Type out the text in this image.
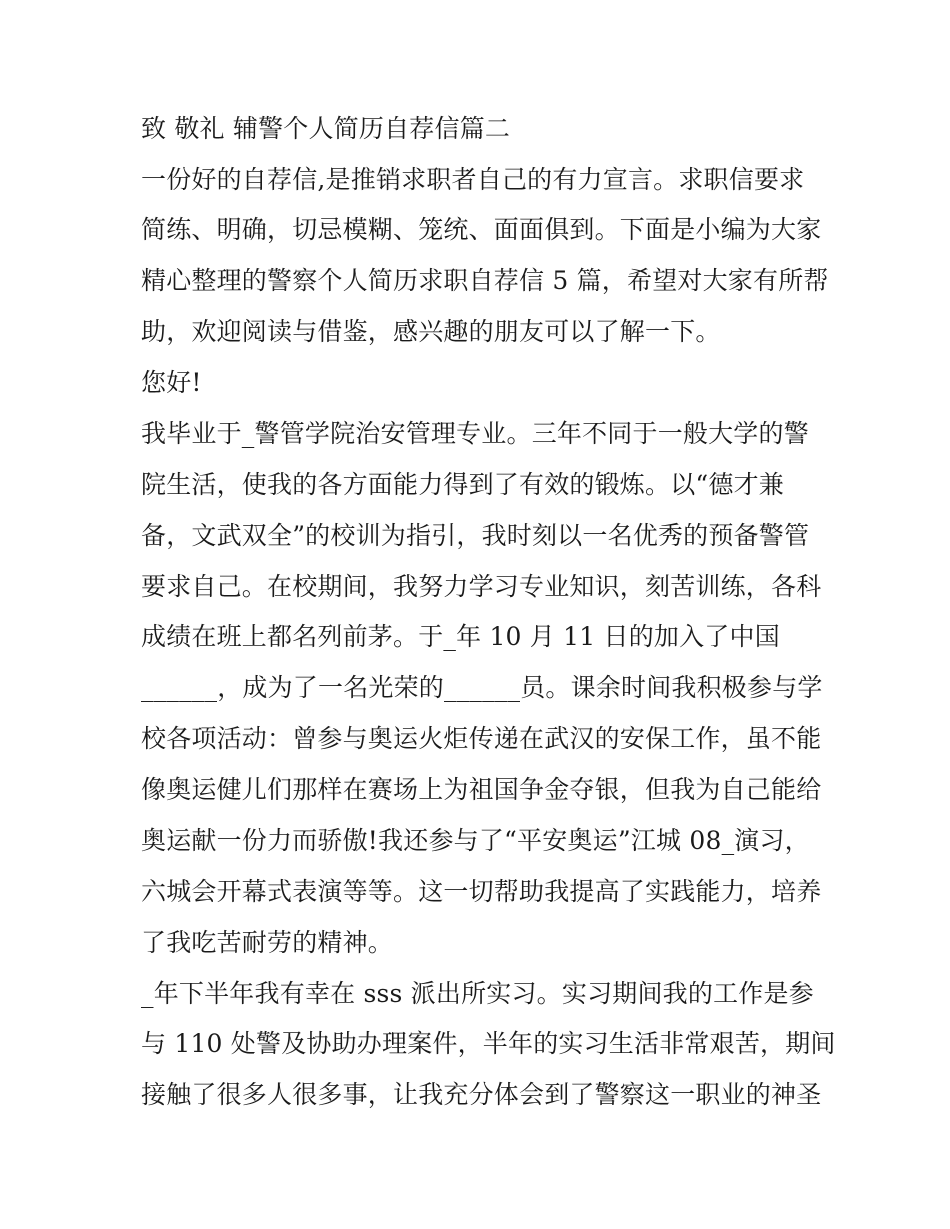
致 敬礼 辅警个人简历自荐信篇二
一份好的自荐信,是推销求职者自己的有力宣言。求职信要求
简练、明确，切忌模糊、笼统、面面俱到。下面是小编为大家
精心整理的警察个人简历求职自荐信 5 篇，希望对大家有所帮
助，欢迎阅读与借鉴，感兴趣的朋友可以了解一下。
您好!
我毕业于_警管学院治安管理专业。三年不同于一般大学的警
院生活，使我的各方面能力得到了有效的锻炼。以“德才兼
备，文武双全”的校训为指引，我时刻以一名优秀的预备警管
要求自己。在校期间，我努力学习专业知识，刻苦训练，各科
成绩在班上都名列前茅。于_年 10 月 11 日的加入了中国
______，成为了一名光荣的______员。课余时间我积极参与学
校各项活动：曾参与奥运火炬传递在武汉的安保工作，虽不能
像奥运健儿们那样在赛场上为祖国争金夺银，但我为自己能给
奥运献一份力而骄傲!我还参与了“平安奥运”江城 08_演习，
六城会开幕式表演等等。这一切帮助我提高了实践能力，培养
了我吃苦耐劳的精神。
_年下半年我有幸在 sss 派出所实习。实习期间我的工作是参
与 110 处警及协助办理案件，半年的实习生活非常艰苦，期间
接触了很多人很多事，让我充分体会到了警察这一职业的神圣
